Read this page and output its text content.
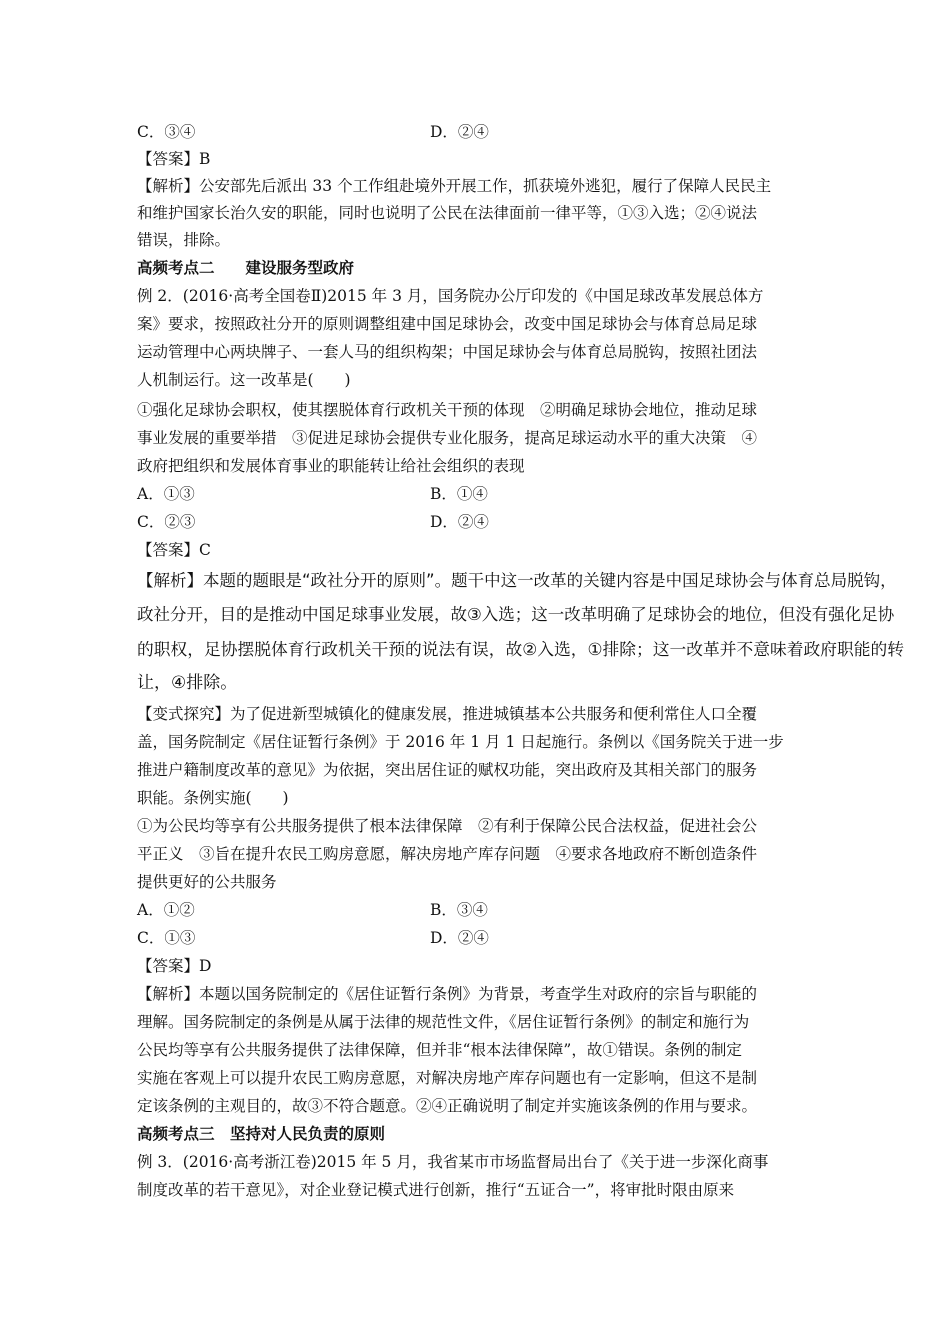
C．③④	D．②④
【答案】B
【解析】公安部先后派出 33 个工作组赴境外开展工作，抓获境外逃犯，履行了保障人民民主
和维护国家长治久安的职能，同时也说明了公民在法律面前一律平等，①③入选；②④说法
错误，排除。
高频考点二　　建设服务型政府
例 2．(2016·高考全国卷Ⅱ)2015 年 3 月，国务院办公厅印发的《中国足球改革发展总体方
案》要求，按照政社分开的原则调整组建中国足球协会，改变中国足球协会与体育总局足球
运动管理中心两块牌子、一套人马的组织构架；中国足球协会与体育总局脱钩，按照社团法
人机制运行。这一改革是(　　)
①强化足球协会职权，使其摆脱体育行政机关干预的体现　②明确足球协会地位，推动足球
事业发展的重要举措　③促进足球协会提供专业化服务，提高足球运动水平的重大决策　④
政府把组织和发展体育事业的职能转让给社会组织的表现
A．①③	B．①④
C．②③	D．②④
【答案】C
【解析】本题的题眼是“政社分开的原则”。题干中这一改革的关键内容是中国足球协会与体育总局脱钩，
政社分开，目的是推动中国足球事业发展，故③入选；这一改革明确了足球协会的地位，但没有强化足协
的职权，足协摆脱体育行政机关干预的说法有误，故②入选，①排除；这一改革并不意味着政府职能的转
让，④排除。
【变式探究】为了促进新型城镇化的健康发展，推进城镇基本公共服务和便利常住人口全覆
盖，国务院制定《居住证暂行条例》于 2016 年 1 月 1 日起施行。条例以《国务院关于进一步
推进户籍制度改革的意见》为依据，突出居住证的赋权功能，突出政府及其相关部门的服务
职能。条例实施(　　)
①为公民均等享有公共服务提供了根本法律保障　②有利于保障公民合法权益，促进社会公
平正义　③旨在提升农民工购房意愿，解决房地产库存问题　④要求各地政府不断创造条件
提供更好的公共服务
A．①②	B．③④
C．①③	D．②④
【答案】D
【解析】本题以国务院制定的《居住证暂行条例》为背景，考查学生对政府的宗旨与职能的
理解。国务院制定的条例是从属于法律的规范性文件，《居住证暂行条例》的制定和施行为
公民均等享有公共服务提供了法律保障，但并非“根本法律保障”，故①错误。条例的制定
实施在客观上可以提升农民工购房意愿，对解决房地产库存问题也有一定影响，但这不是制
定该条例的主观目的，故③不符合题意。②④正确说明了制定并实施该条例的作用与要求。
高频考点三　坚持对人民负责的原则
例 3．(2016·高考浙江卷)2015 年 5 月，我省某市市场监督局出台了《关于进一步深化商事
制度改革的若干意见》，对企业登记模式进行创新，推行“五证合一”，将审批时限由原来
